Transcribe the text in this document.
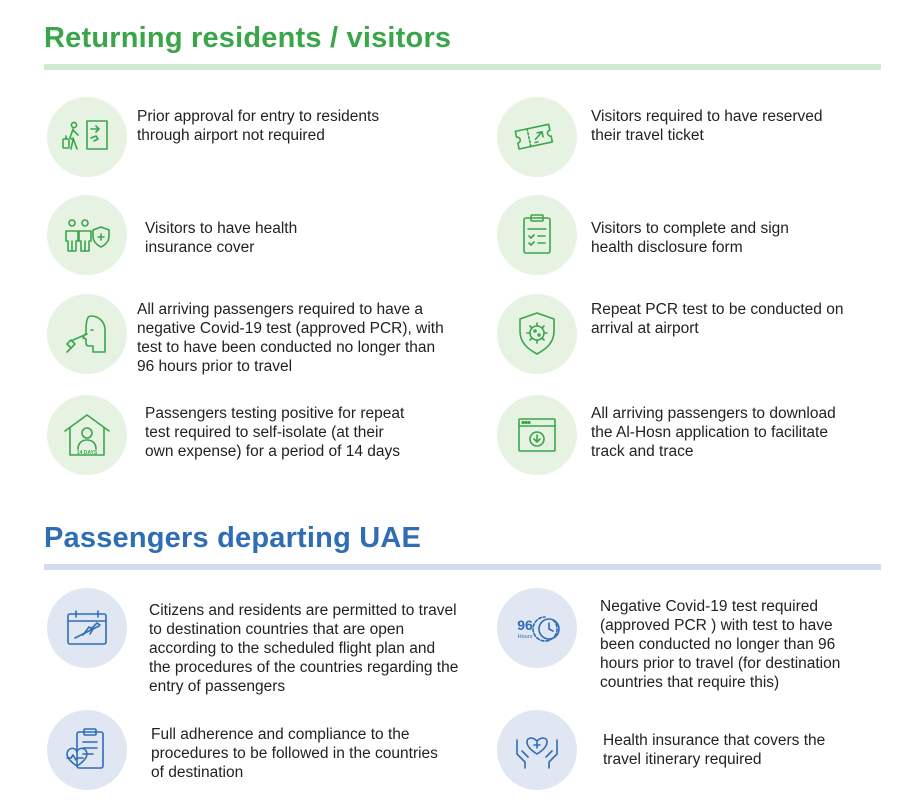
Returning residents / visitors
Prior approval for entry to residents through airport not required
Visitors required to have reserved their travel ticket
Visitors to have health insurance cover
Visitors to complete and sign health disclosure form
All arriving passengers required to have a negative Covid-19 test (approved PCR), with test to have been conducted no longer than 96 hours prior to travel
Repeat PCR test to be conducted on arrival at airport
14 DAYS
Passengers testing positive for repeat test required to self-isolate (at their own expense) for a period of 14 days
All arriving passengers to download the Al-Hosn application to facilitate track and trace
Passengers departing UAE
Citizens and residents are permitted to travel to destination countries that are open according to the scheduled flight plan and the procedures of the countries regarding the entry of passengers
96
Hours
Negative Covid-19 test required (approved PCR ) with test to have been conducted no longer than 96 hours prior to travel (for destination countries that require this)
Full adherence and compliance to the procedures to be followed in the countries of destination
Health insurance that covers the travel itinerary required
